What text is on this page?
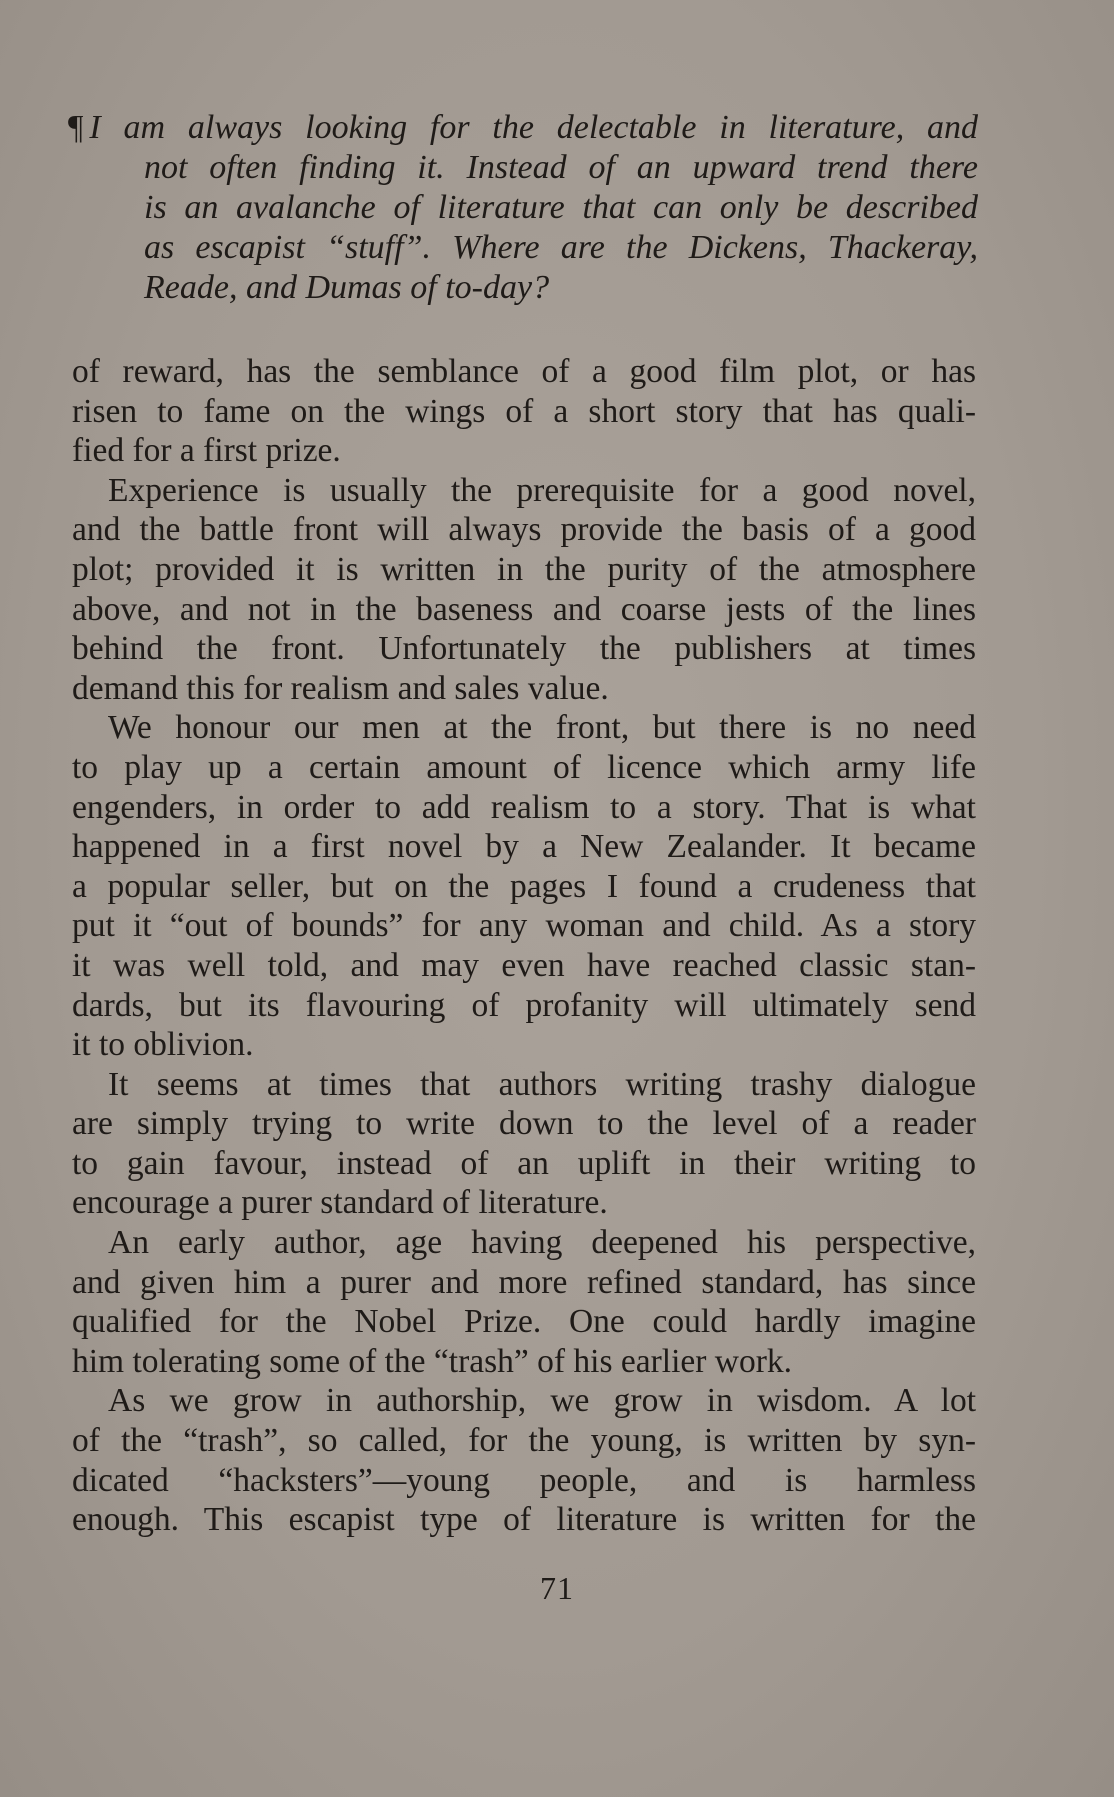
¶ I am always looking for the delectable in literature, and
not often finding it. Instead of an upward trend there
is an avalanche of literature that can only be described
as escapist “stuff”. Where are the Dickens, Thackeray,
Reade, and Dumas of to-day?
of reward, has the semblance of a good film plot, or has
risen to fame on the wings of a short story that has quali-
fied for a first prize.
Experience is usually the prerequisite for a good novel,
and the battle front will always provide the basis of a good
plot; provided it is written in the purity of the atmosphere
above, and not in the baseness and coarse jests of the lines
behind the front. Unfortunately the publishers at times
demand this for realism and sales value.
We honour our men at the front, but there is no need
to play up a certain amount of licence which army life
engenders, in order to add realism to a story. That is what
happened in a first novel by a New Zealander. It became
a popular seller, but on the pages I found a crudeness that
put it “out of bounds” for any woman and child. As a story
it was well told, and may even have reached classic stan-
dards, but its flavouring of profanity will ultimately send
it to oblivion.
It seems at times that authors writing trashy dialogue
are simply trying to write down to the level of a reader
to gain favour, instead of an uplift in their writing to
encourage a purer standard of literature.
An early author, age having deepened his perspective,
and given him a purer and more refined standard, has since
qualified for the Nobel Prize. One could hardly imagine
him tolerating some of the “trash” of his earlier work.
As we grow in authorship, we grow in wisdom. A lot
of the “trash”, so called, for the young, is written by syn-
dicated “hacksters”—young people, and is harmless
enough. This escapist type of literature is written for the
71
